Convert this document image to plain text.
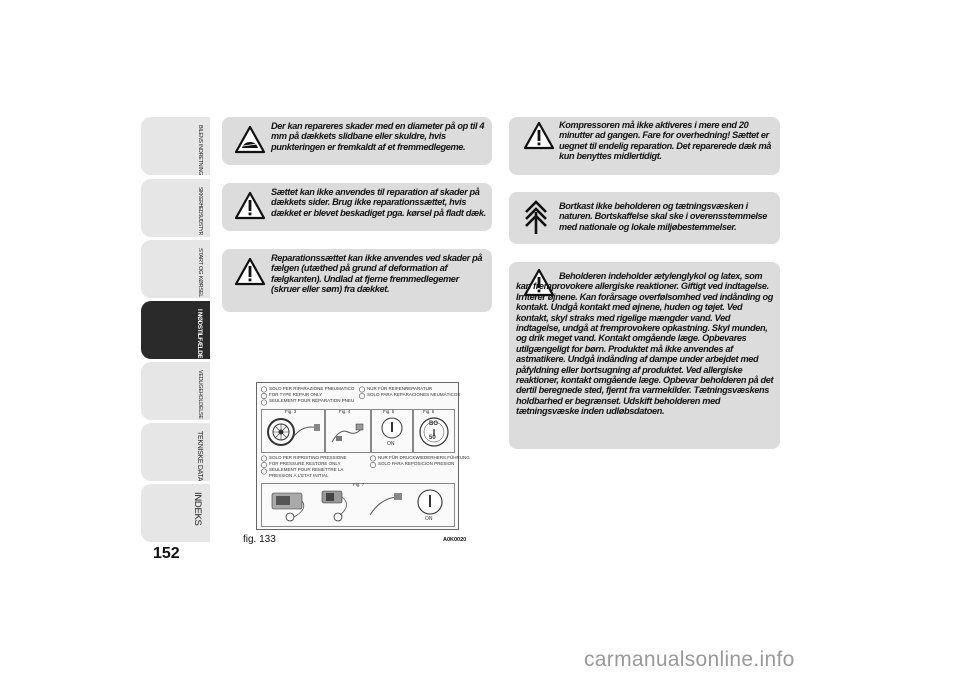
BILENS INDRETNING
SIKKERHEDSUDSTYR
START OG KØRSEL
I NØDSTILFÆLDE
VEDLIGEHOLDELSE
TEKNISKE DATA
INDEKS
152

Der kan repareres skader med en diameter på op til 4 mm på dækkets slidbane eller skuldre, hvis punkteringen er fremkaldt af et fremmedlegeme.

Sættet kan ikke anvendes til reparation af skader på dækkets sider. Brug ikke reparationssættet, hvis dækket er blevet beskadiget pga. kørsel på fladt dæk.

Reparationssættet kan ikke anvendes ved skader på fælgen (utæthed på grund af deformation af fælgkanten). Undlad at fjerne fremmedlegemer (skruer eller søm) fra dækket.

Kompressoren må ikke aktiveres i mere end 20 minutter ad gangen. Fare for overhedning! Sættet er uegnet til endelig reparation. Det reparerede dæk må kun benyttes midlertidigt.

Bortkast ikke beholderen og tætningsvæsken i naturen. Bortskaffelse skal ske i overensstemmelse med nationale og lokale miljøbestemmelser.

Beholderen indeholder ætylenglykol og latex, som kan fremprovokere allergiske reaktioner. Giftigt ved indtagelse. Irriterer øjnene. Kan forårsage overfølsomhed ved indånding og kontakt. Undgå kontakt med øjnene, huden og tøjet. Ved kontakt, skyl straks med rigelige mængder vand. Ved indtagelse, undgå at fremprovokere opkastning. Skyl munden, og drik meget vand. Kontakt omgående læge. Opbevares utilgængeligt for børn. Produktet må ikke anvendes af astmatikere. Undgå indånding af dampe under arbejdet med påfyldning eller bortsugning af produktet. Ved allergiske reaktioner, kontakt omgående læge. Opbevar beholderen på det dertil beregnede sted, fjernt fra varmekilder. Tætningsvæskens holdbarhed er begrænset. Udskift beholderen med tætningsvæske inden udløbsdatoen.

SOLO PER RIPARAZIONE PNEUMATICO
FOR TYPE REPAIR ONLY
SEULEMENT POUR RÉPARATION PNEU
NUR FÜR REIFENREPARATUR
SOLO PARA REPARACIONES NEUMÁTICOS
Fig. 3	Fig. 4
ON
Fig. 5
BO
50
Fig. 6
SOLO PER RIPRISTINO PRESSIONE
FOR PRESSURE RESTORE ONLY
SEULEMENT POUR REMETTRE LA
PRESSION À L'ETAT INITIAL
NUR FÜR DRUCKWIEDERHERS.FÜHRUNG
SOLO PARA REPOSICION PRESION
ON
Fig. 7
fig. 133	A0K0020
carmanualsonline.info
